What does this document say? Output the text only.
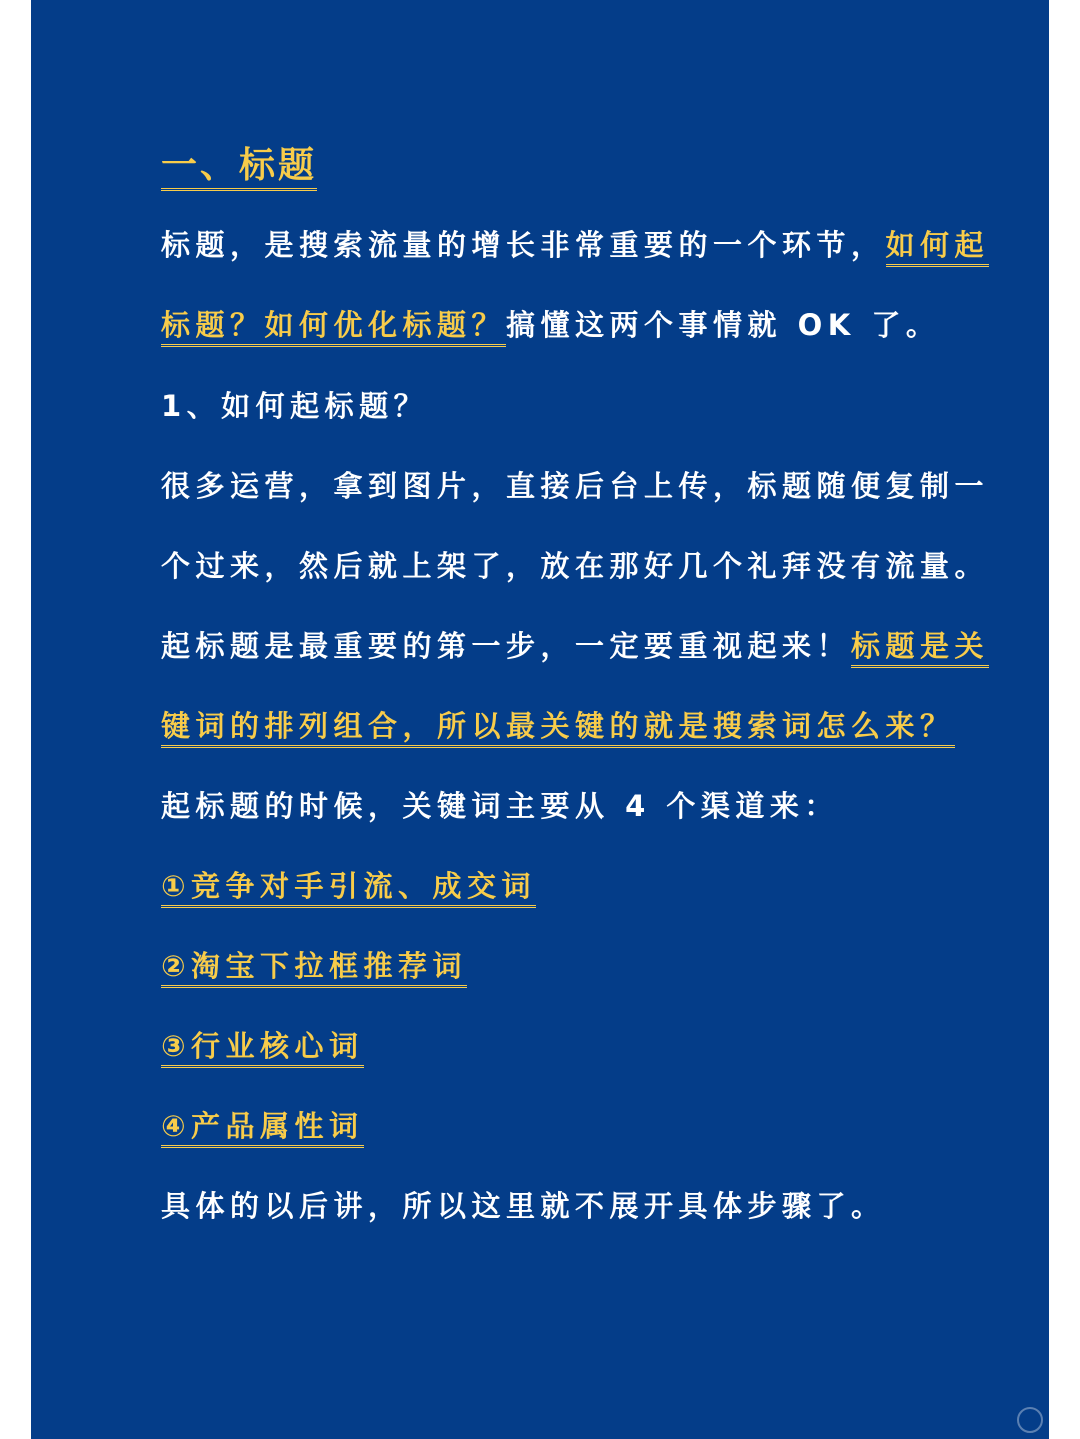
一、标题
标题，是搜索流量的增长非常重要的一个环节，如何起
标题？如何优化标题？搞懂这两个事情就 OK 了。
1、如何起标题？
很多运营，拿到图片，直接后台上传，标题随便复制一
个过来，然后就上架了，放在那好几个礼拜没有流量。
起标题是最重要的第一步，一定要重视起来！标题是关
键词的排列组合，所以最关键的就是搜索词怎么来？
起标题的时候，关键词主要从 4 个渠道来：
①竞争对手引流、成交词
②淘宝下拉框推荐词
③行业核心词
④产品属性词
具体的以后讲，所以这里就不展开具体步骤了。
